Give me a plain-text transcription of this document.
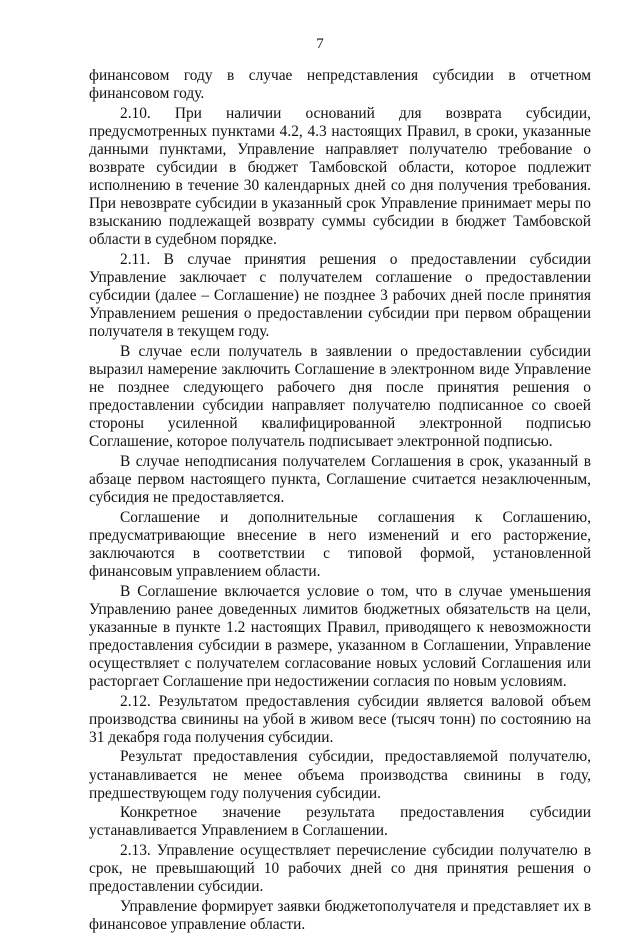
7

финансовом году в случае непредставления субсидии в отчетном финансовом году.

2.10. При наличии оснований для возврата субсидии, предусмотренных пунктами 4.2, 4.3 настоящих Правил, в сроки, указанные данными пунктами, Управление направляет получателю требование о возврате субсидии в бюджет Тамбовской области, которое подлежит исполнению в течение 30 календарных дней со дня получения требования. При невозврате субсидии в указанный срок Управление принимает меры по взысканию подлежащей возврату суммы субсидии в бюджет Тамбовской области в судебном порядке.

2.11. В случае принятия решения о предоставлении субсидии Управление заключает с получателем соглашение о предоставлении субсидии (далее – Соглашение) не позднее 3 рабочих дней после принятия Управлением решения о предоставлении субсидии при первом обращении получателя в текущем году.

В случае если получатель в заявлении о предоставлении субсидии выразил намерение заключить Соглашение в электронном виде Управление не позднее следующего рабочего дня после принятия решения о предоставлении субсидии направляет получателю подписанное со своей стороны усиленной квалифицированной электронной подписью Соглашение, которое получатель подписывает электронной подписью.

В случае неподписания получателем Соглашения в срок, указанный в абзаце первом настоящего пункта, Соглашение считается незаключенным, субсидия не предоставляется.

Соглашение и дополнительные соглашения к Соглашению, предусматривающие внесение в него изменений и его расторжение, заключаются в соответствии с типовой формой, установленной финансовым управлением области.

В Соглашение включается условие о том, что в случае уменьшения Управлению ранее доведенных лимитов бюджетных обязательств на цели, указанные в пункте 1.2 настоящих Правил, приводящего к невозможности предоставления субсидии в размере, указанном в Соглашении, Управление осуществляет с получателем согласование новых условий Соглашения или расторгает Соглашение при недостижении согласия по новым условиям.

2.12. Результатом предоставления субсидии является валовой объем производства свинины на убой в живом весе (тысяч тонн) по состоянию на 31 декабря года получения субсидии.

Результат предоставления субсидии, предоставляемой получателю, устанавливается не менее объема производства свинины в году, предшествующем году получения субсидии.

Конкретное значение результата предоставления субсидии устанавливается Управлением в Соглашении.

2.13. Управление осуществляет перечисление субсидии получателю в срок, не превышающий 10 рабочих дней со дня принятия решения о предоставлении субсидии.

Управление формирует заявки бюджетополучателя и представляет их в финансовое управление области.
